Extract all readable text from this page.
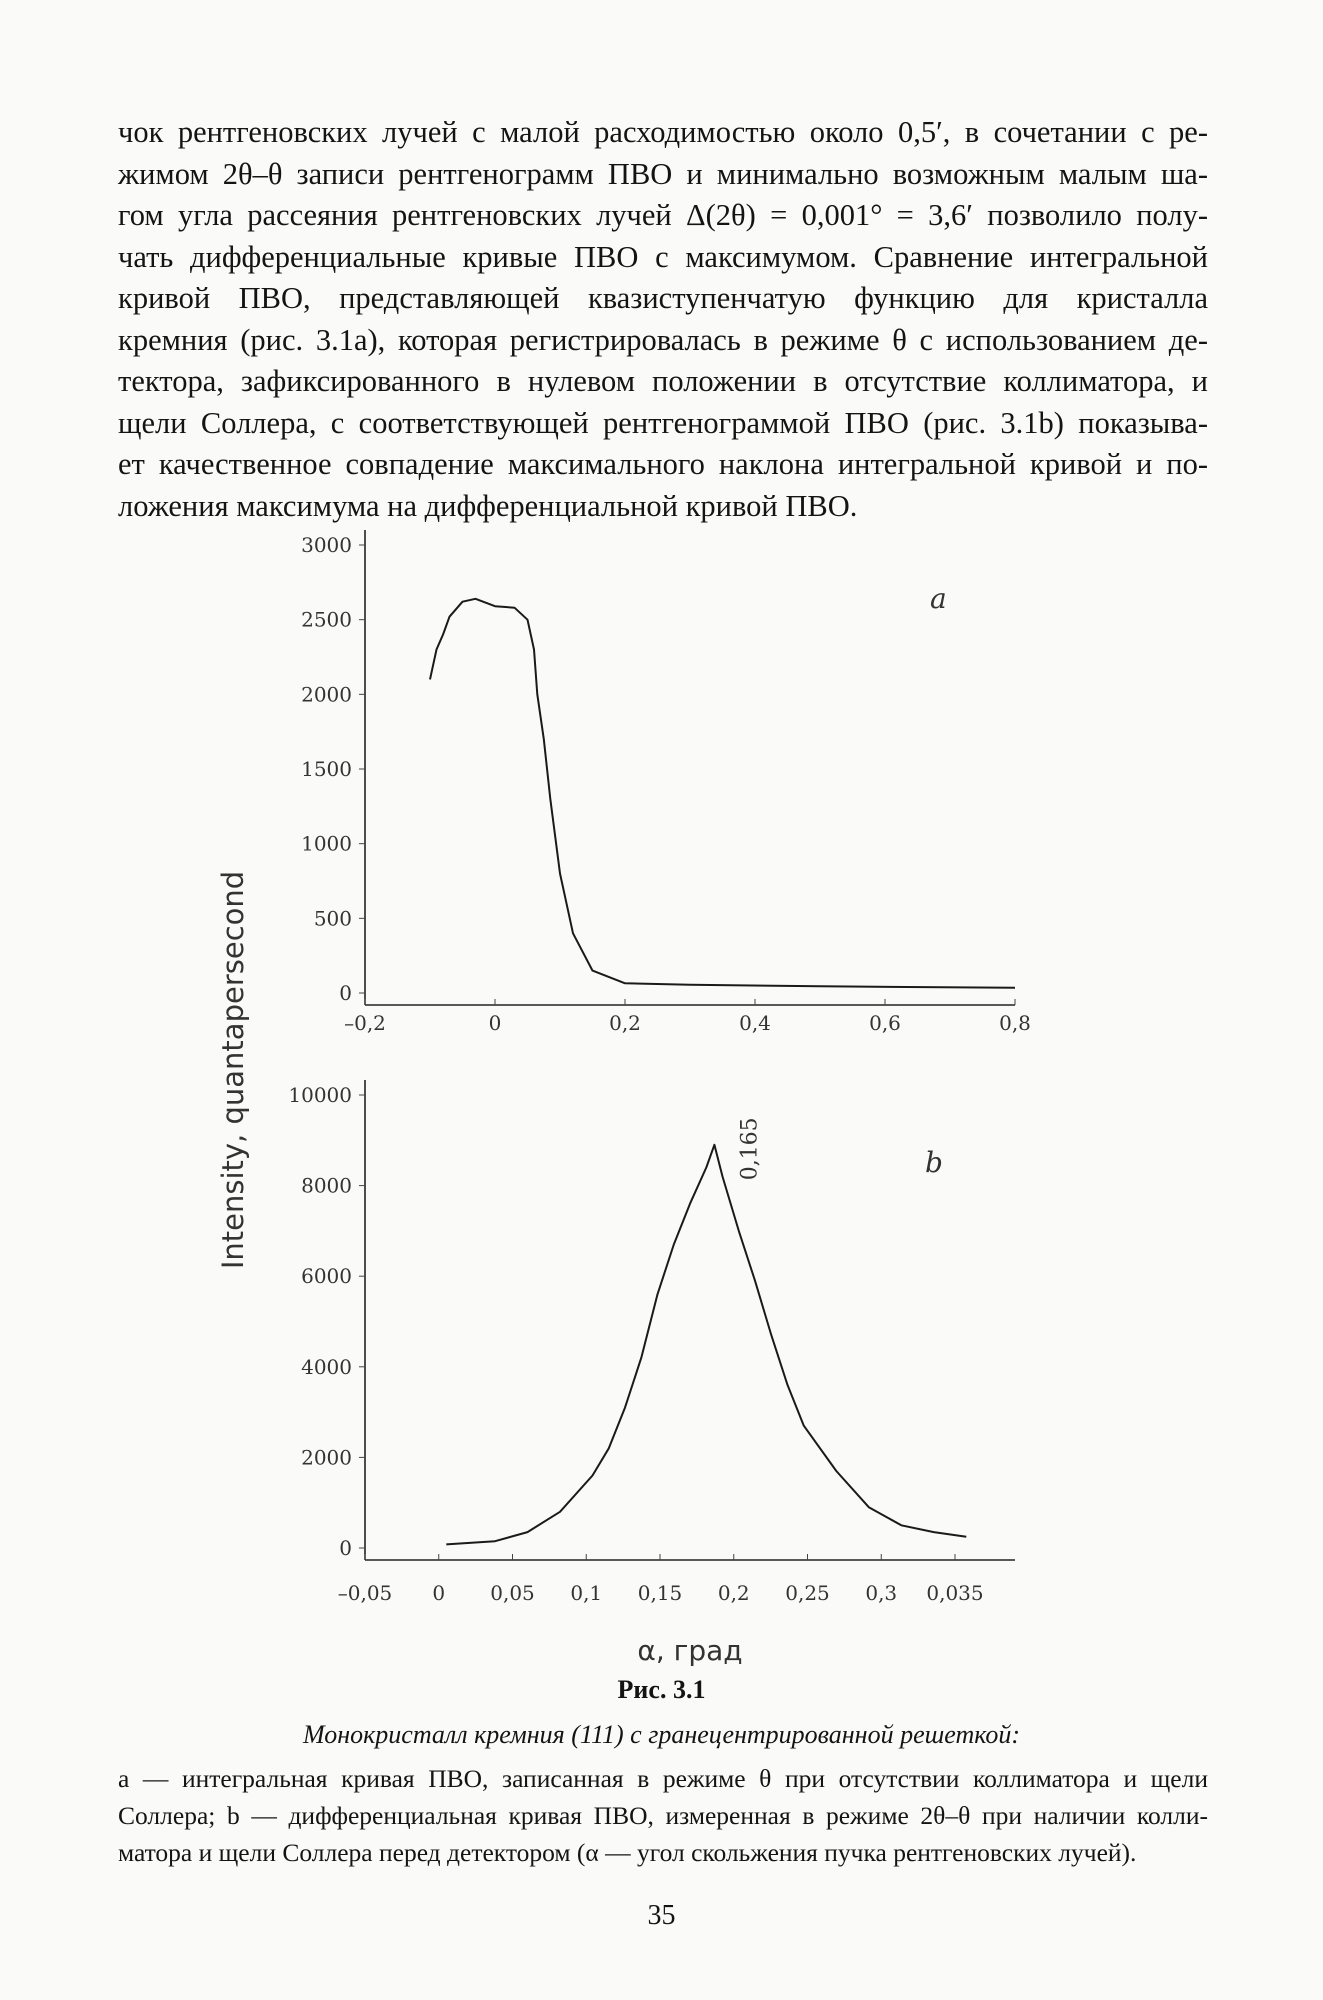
чок рентгеновских лучей с малой расходимостью около 0,5′, в сочетании с ре-
жимом 2θ–θ записи рентгенограмм ПВО и минимально возможным малым ша-
гом угла рассеяния рентгеновских лучей Δ(2θ) = 0,001° = 3,6′ позволило полу-
чать дифференциальные кривые ПВО с максимумом. Сравнение интегральной
кривой ПВО, представляющей квазиступенчатую функцию для кристалла
кремния (рис. 3.1a), которая регистрировалась в режиме θ с использованием де-
тектора, зафиксированного в нулевом положении в отсутствие коллиматора, и
щели Соллера, с соответствующей рентгенограммой ПВО (рис. 3.1b) показыва-
ет качественное совпадение максимального наклона интегральной кривой и по-
ложения максимума на дифференциальной кривой ПВО.

0
500
1000
1500
2000
2500
3000
–0,2	0	0,2	0,4	0,6	0,8
a
0
2000
4000
6000
8000
10000
–0,05 0 0,05 0,1 0,15 0,2 0,25 0,3 0,035
b
0,165
α, град
Intensity, quantapersecond

Рис. 3.1

Монокристалл кремния (111) с гранецентрированной решеткой:

a — интегральная кривая ПВО, записанная в режиме θ при отсутствии коллиматора и щели
Соллера; b — дифференциальная кривая ПВО, измеренная в режиме 2θ–θ при наличии колли-
матора и щели Соллера перед детектором (α — угол скольжения пучка рентгеновских лучей).

35
